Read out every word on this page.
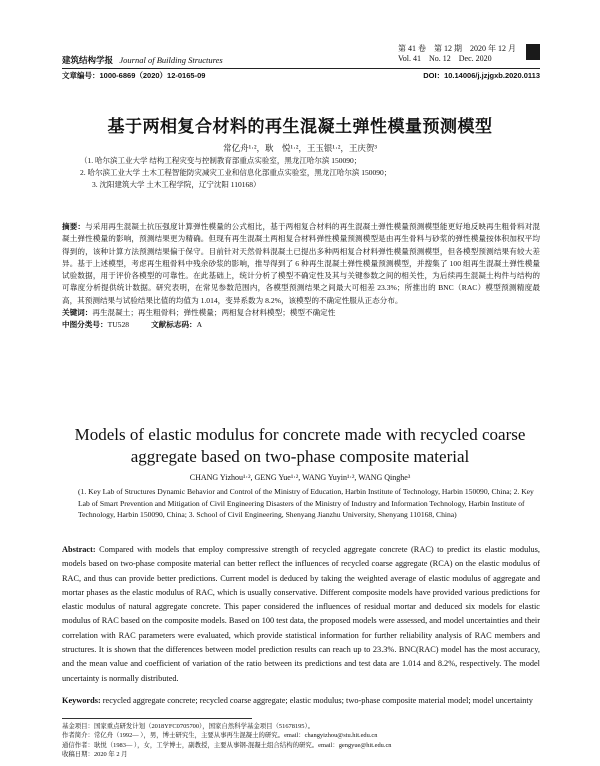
建筑结构学报 Journal of Building Structures
第 41 卷 第 12 期 2020 年 12 月
Vol. 41 No. 12 Dec. 2020
文章编号：1000-6869（2020）12-0165-09	DOI：10.14006/j.jzjgxb.2020.0113
基于两相复合材料的再生混凝土弹性模量预测模型
常亿舟¹·²，耿　悦¹·²，王玉银¹·²，王庆贺³
（1. 哈尔滨工业大学 结构工程灾变与控制教育部重点实验室，黑龙江哈尔滨 150090；
2. 哈尔滨工业大学 土木工程智能防灾减灾工业和信息化部重点实验室，黑龙江哈尔滨 150090；
3. 沈阳建筑大学 土木工程学院，辽宁沈阳 110168）
摘要：与采用再生混凝土抗压强度计算弹性模量的公式相比，基于两相复合材料的再生混凝土弹性模量预测模型能更好地反映再生粗骨料对混凝土弹性模量的影响，预测结果更为精确。但现有再生混凝土两相复合材料弹性模量预测模型是由再生骨料与砂浆的弹性模量按体积加权平均得到的，该种计算方法预测结果偏于保守。目前针对天然骨料混凝土已提出多种两相复合材料弹性模量预测模型，但各模型预测结果有较大差异。基于上述模型，考虑再生粗骨料中残余砂浆的影响，推导得到了 6 种再生混凝土弹性模量预测模型，并搜集了 100 组再生混凝土弹性模量试验数据，用于评价各模型的可靠性。在此基础上，统计分析了模型不确定性及其与关键参数之间的相关性，为后续再生混凝土构件与结构的可靠度分析提供统计数据。研究表明，在常见参数范围内，各模型预测结果之间最大可相差 23.3%；所推出的 BNC（RAC）模型预测精度最高，其预测结果与试验结果比值的均值为 1.014，变异系数为 8.2%，该模型的不确定性服从正态分布。
关键词：再生混凝土；再生粗骨料；弹性模量；两相复合材料模型；模型不确定性
中图分类号：TU528	文献标志码：A
Models of elastic modulus for concrete made with recycled coarse
aggregate based on two-phase composite material
CHANG Yizhou¹·², GENG Yue¹·², WANG Yuyin¹·², WANG Qinghe³
(1. Key Lab of Structures Dynamic Behavior and Control of the Ministry of Education, Harbin Institute of Technology, Harbin 150090, China; 2. Key Lab of Smart Prevention and Mitigation of Civil Engineering Disasters of the Ministry of Industry and Information Technology, Harbin Institute of Technology, Harbin 150090, China; 3. School of Civil Engineering, Shenyang Jianzhu University, Shenyang 110168, China)
Abstract: Compared with models that employ compressive strength of recycled aggregate concrete (RAC) to predict its elastic modulus, models based on two-phase composite material can better reflect the influences of recycled coarse aggregate (RCA) on the elastic modulus of RAC, and thus can provide better predictions. Current model is deduced by taking the weighted average of elastic modulus of aggregate and mortar phases as the elastic modulus of RAC, which is usually conservative. Different composite models have provided various predictions for elastic modulus of natural aggregate concrete. This paper considered the influences of residual mortar and deduced six models for elastic modulus of RAC based on the composite models. Based on 100 test data, the proposed models were assessed, and model uncertainties and their correlation with RAC parameters were evaluated, which provide statistical information for further reliability analysis of RAC members and structures. It is shown that the differences between model prediction results can reach up to 23.3%. BNC(RAC) model has the most accuracy, and the mean value and coefficient of variation of the ratio between its predictions and test data are 1.014 and 8.2%, respectively. The model uncertainty is normally distributed.
Keywords: recycled aggregate concrete; recycled coarse aggregate; elastic modulus; two-phase composite material model; model uncertainty
基金项目：国家重点研发计划（2018YFC0705700），国家自然科学基金项目（51678195）。
作者简介：常亿舟（1992— ），男，博士研究生，主要从事再生混凝土的研究。email：changyizhou@stu.hit.edu.cn
通信作者：耿悦（1983— ），女，工学博士，副教授，主要从事钢-混凝土组合结构的研究。email：gengyue@hit.edu.cn
收稿日期：2020 年 2 月
